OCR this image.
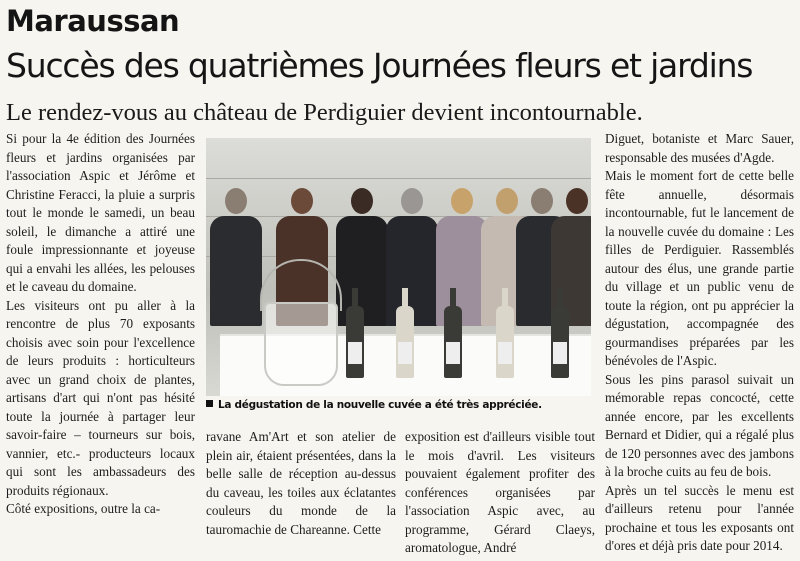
Maraussan
Succès des quatrièmes Journées fleurs et jardins
Le rendez-vous au château de Perdiguier devient incontournable.

Si pour la 4e édition des Journées fleurs et jardins organisées par l'association Aspic et Jérôme et Christine Feracci, la pluie a surpris tout le monde le samedi, un beau soleil, le dimanche a attiré une foule impressionnante et joyeuse qui a envahi les allées, les pelouses et le caveau du domaine.

Les visiteurs ont pu aller à la rencontre de plus 70 exposants choisis avec soin pour l'excellence de leurs produits : horticulteurs avec un grand choix de plantes, artisans d'art qui n'ont pas hésité toute la journée à partager leur savoir-faire – tourneurs sur bois, vannier, etc.- producteurs locaux qui sont les ambassadeurs des produits régionaux.

Côté expositions, outre la ca-

La dégustation de la nouvelle cuvée a été très appréciée.

ravane Am'Art et son atelier de plein air, étaient présentées, dans la belle salle de réception au-dessus du caveau, les toiles aux éclatantes couleurs du monde de la tauromachie de Chareanne. Cette

exposition est d'ailleurs visible tout le mois d'avril. Les visiteurs pouvaient également profiter des conférences organisées par l'association Aspic avec, au programme, Gérard Claeys, aromatologue, André

Diguet, botaniste et Marc Sauer, responsable des musées d'Agde.

Mais le moment fort de cette belle fête annuelle, désormais incontournable, fut le lancement de la nouvelle cuvée du domaine : Les filles de Perdiguier. Rassemblés autour des élus, une grande partie du village et un public venu de toute la région, ont pu apprécier la dégustation, accompagnée des gourmandises préparées par les bénévoles de l'Aspic.

Sous les pins parasol suivait un mémorable repas concocté, cette année encore, par les excellents Bernard et Didier, qui a régalé plus de 120 personnes avec des jambons à la broche cuits au feu de bois.

Après un tel succès le menu est d'ailleurs retenu pour l'année prochaine et tous les exposants ont d'ores et déjà pris date pour 2014.
